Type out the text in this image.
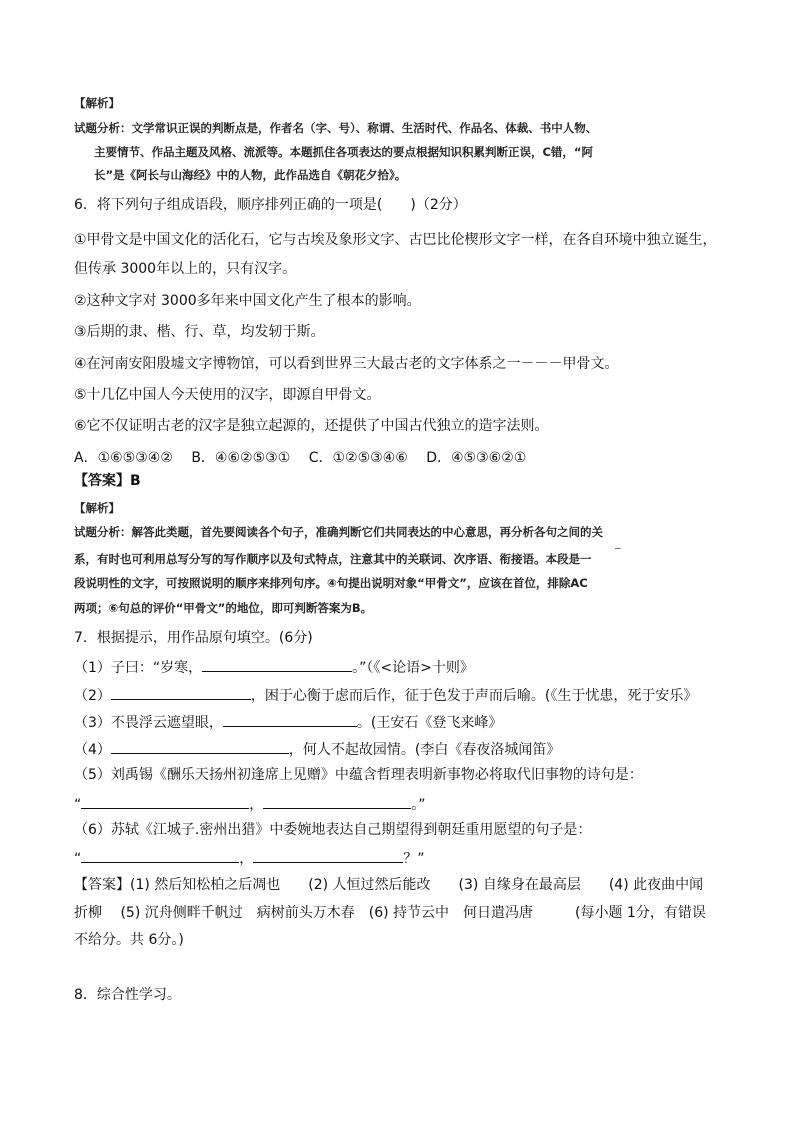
【解析】
试题分析：文学常识正误的判断点是，作者名（字、号）、称谓、生活时代、作品名、体裁、书中人物、
主要情节、作品主题及风格、流派等。本题抓住各项表达的要点根据知识积累判断正误，C错，“阿
长”是《阿长与山海经》中的人物，此作品选自《朝花夕拾》。
6．将下列句子组成语段，顺序排列正确的一项是(　　)（2分）
①甲骨文是中国文化的活化石，它与古埃及象形文字、古巴比伦楔形文字一样，在各自环境中独立诞生，
但传承 3000年以上的，只有汉字。
②这种文字对 3000多年来中国文化产生了根本的影响。
③后期的隶、楷、行、草，均发轫于斯。
④在河南安阳殷墟文字博物馆，可以看到世界三大最古老的文字体系之一－－－甲骨文。
⑤十几亿中国人今天使用的汉字，即源自甲骨文。
⑥它不仅证明古老的汉字是独立起源的，还提供了中国古代独立的造字法则。
A．①⑥⑤③④②　 B．④⑥②⑤③①　 C．①②⑤③④⑥　 D．④⑤③⑥②①
【答案】B
【解析】
试题分析：解答此类题，首先要阅读各个句子，准确判断它们共同表达的中心意思，再分析各句之间的关
系，有时也可利用总写分写的写作顺序以及句式特点，注意其中的关联词、次序语、衔接语。本段是一 ‾
段说明性的文字，可按照说明的顺序来排列句序。④句提出说明对象“甲骨文”，应该在首位，排除AC
两项；⑥句总的评价“甲骨文”的地位，即可判断答案为B。
7．根据提示，用作品原句填空。(6分)
（1）子曰：“岁寒，	。”（《<论语>十则》
（2）	，困于心衡于虑而后作，征于色发于声而后喻。(《生于忧患，死于安乐》
（3）不畏浮云遮望眼，	。(王安石《登飞来峰》
（4）	，何人不起故园情。(李白《春夜洛城闻笛》
（5）刘禹锡《酬乐天扬州初逢席上见赠》中蕴含哲理表明新事物必将取代旧事物的诗句是：
“	，	。”
（6）苏轼《江城子.密州出猎》中委婉地表达自己期望得到朝廷重用愿望的句子是：
“	，	？”
【答案】(1) 然后知松柏之后凋也　　(2) 人恒过然后能改　　(3) 自缘身在最高层　　(4) 此夜曲中闻
折柳　 (5) 沉舟侧畔千帆过　病树前头万木春　(6) 持节云中　何日遣冯唐　　　(每小题 1分，有错误
不给分。共 6分。)
8．综合性学习。
